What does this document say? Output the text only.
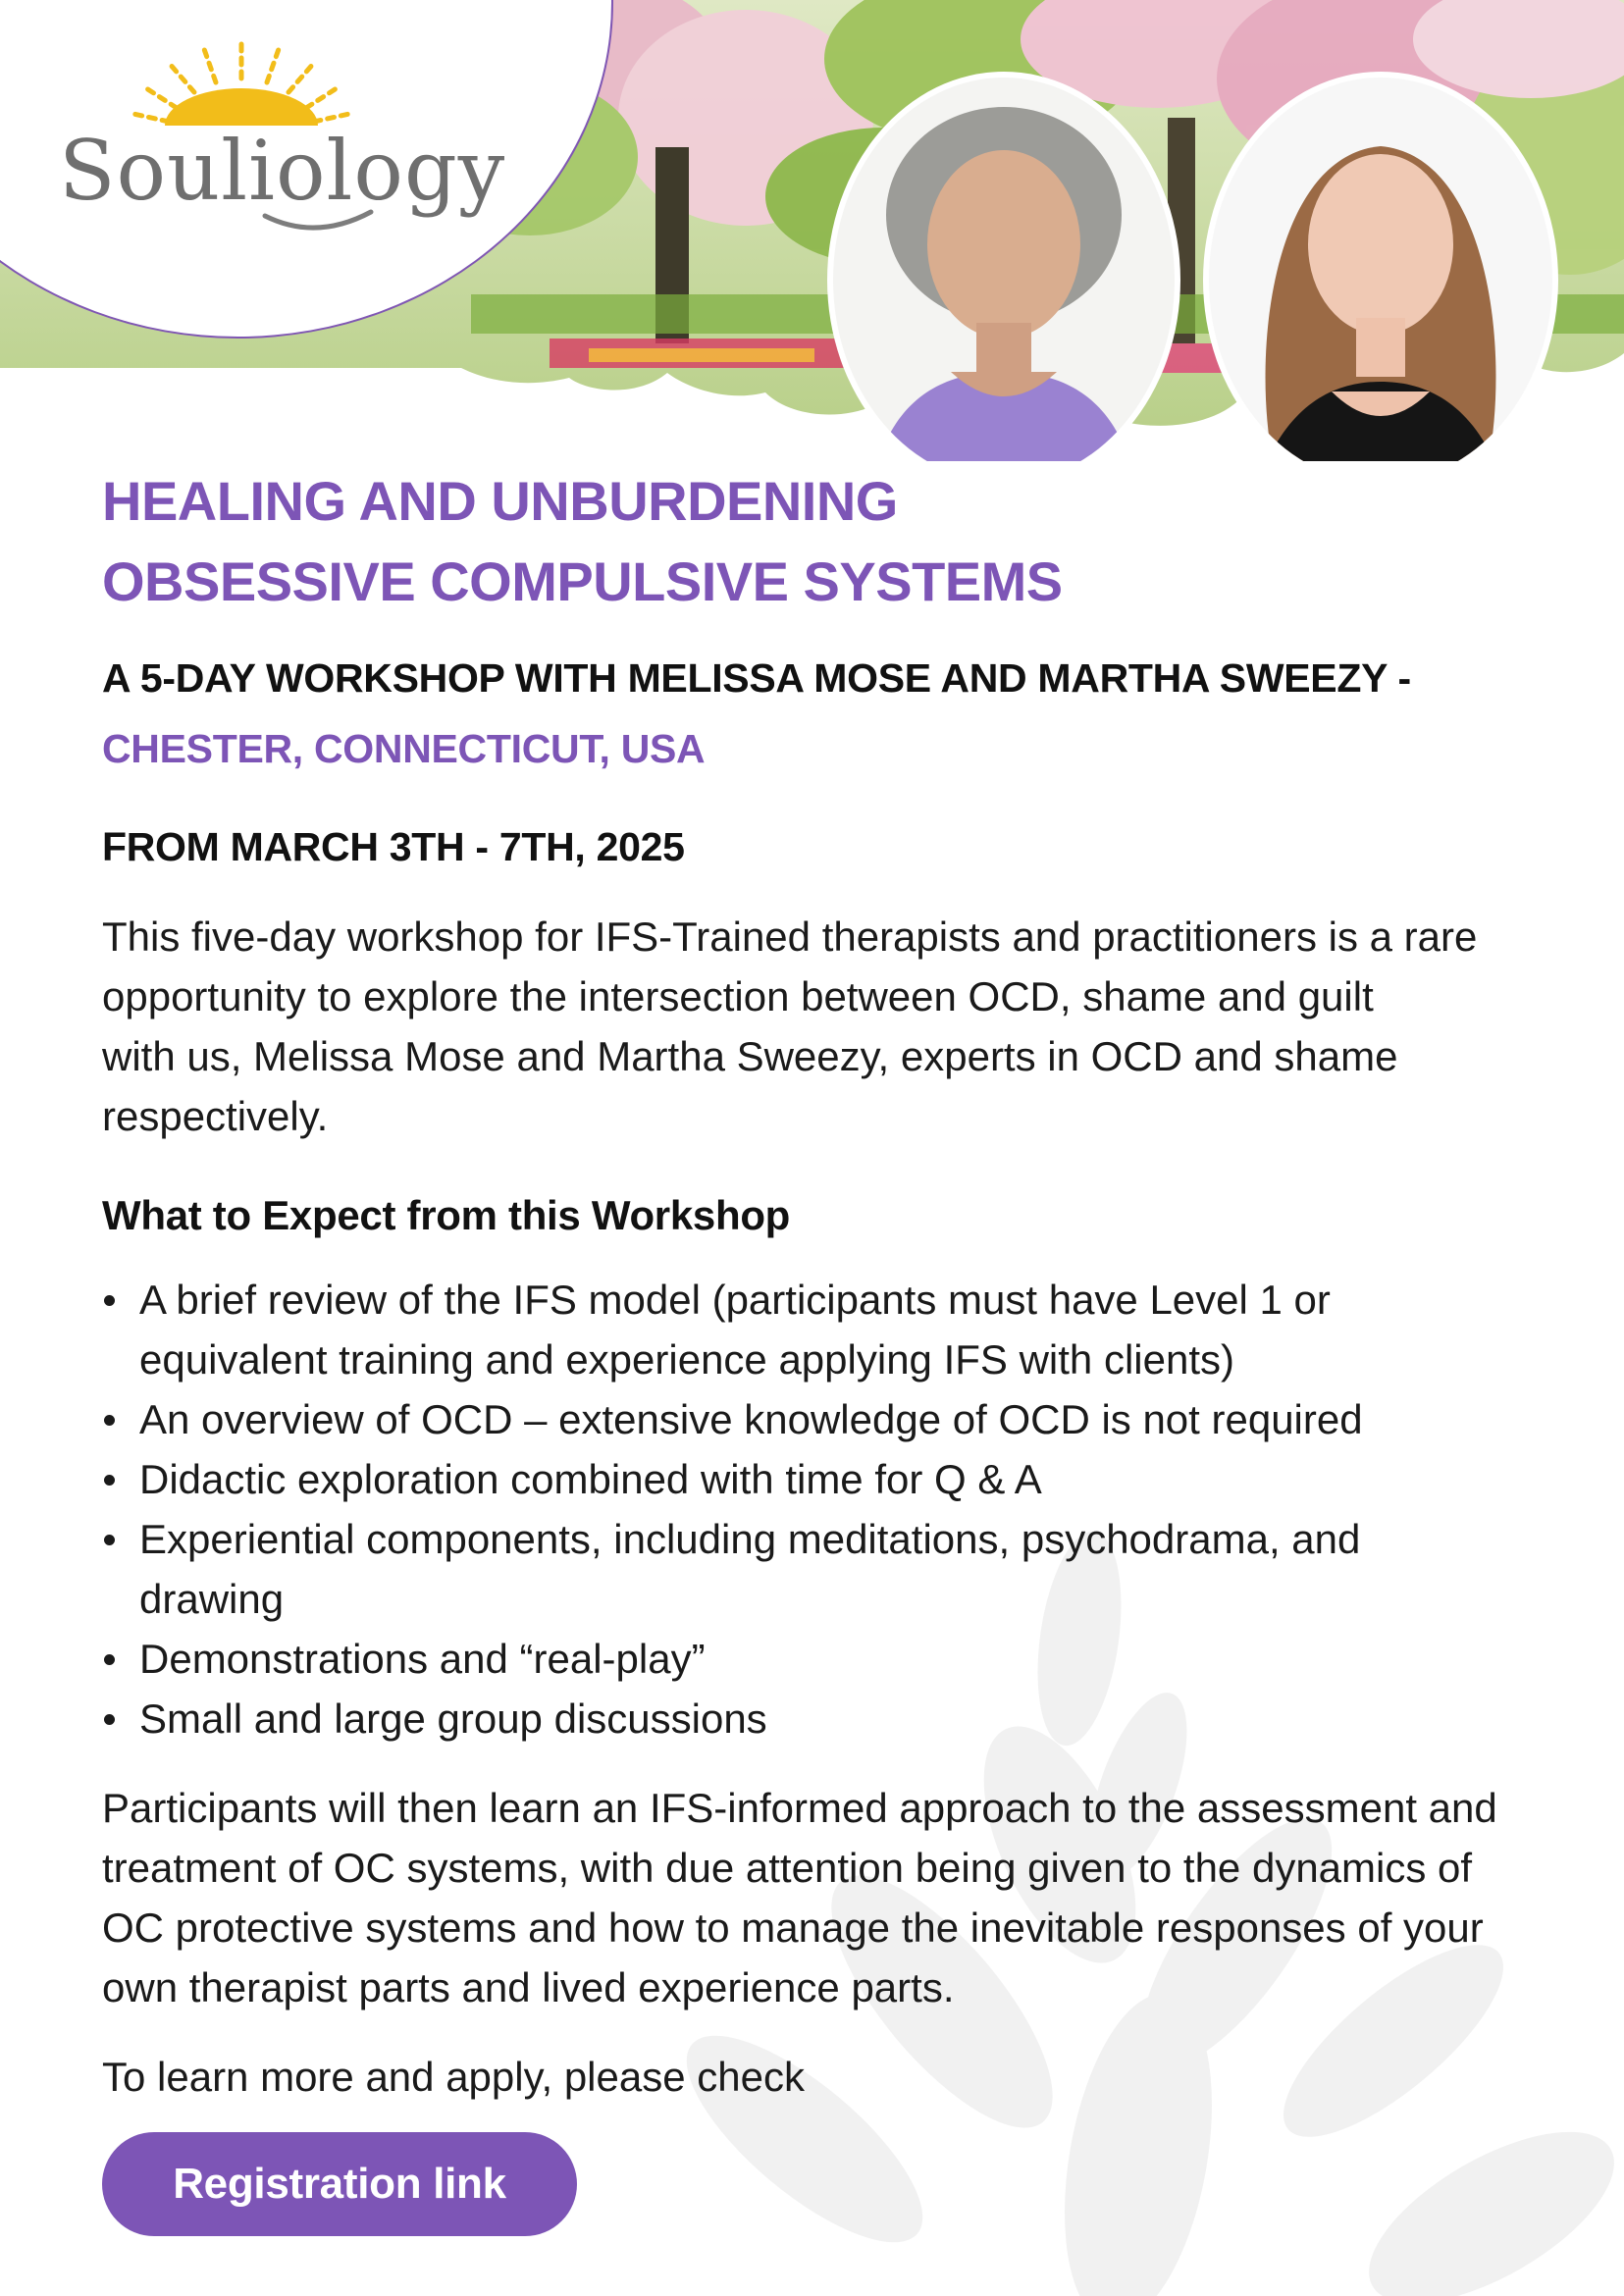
Souliology
HEALING AND UNBURDENING
OBSESSIVE COMPULSIVE SYSTEMS
A 5-DAY WORKSHOP WITH MELISSA MOSE AND MARTHA SWEEZY -
CHESTER, CONNECTICUT, USA
FROM MARCH 3TH - 7TH, 2025
This five-day workshop for IFS-Trained therapists and practitioners is a rare
opportunity to explore the intersection between OCD, shame and guilt
with us, Melissa Mose and Martha Sweezy, experts in OCD and shame
respectively.
What to Expect from this Workshop
A brief review of the IFS model (participants must have Level 1 or
equivalent training and experience applying IFS with clients)
An overview of OCD – extensive knowledge of OCD is not required
Didactic exploration combined with time for Q & A
Experiential components, including meditations, psychodrama, and
drawing
Demonstrations and “real-play”
Small and large group discussions
Participants will then learn an IFS-informed approach to the assessment and
treatment of OC systems, with due attention being given to the dynamics of
OC protective systems and how to manage the inevitable responses of your
own therapist parts and lived experience parts.
To learn more and apply, please check
Registration link
